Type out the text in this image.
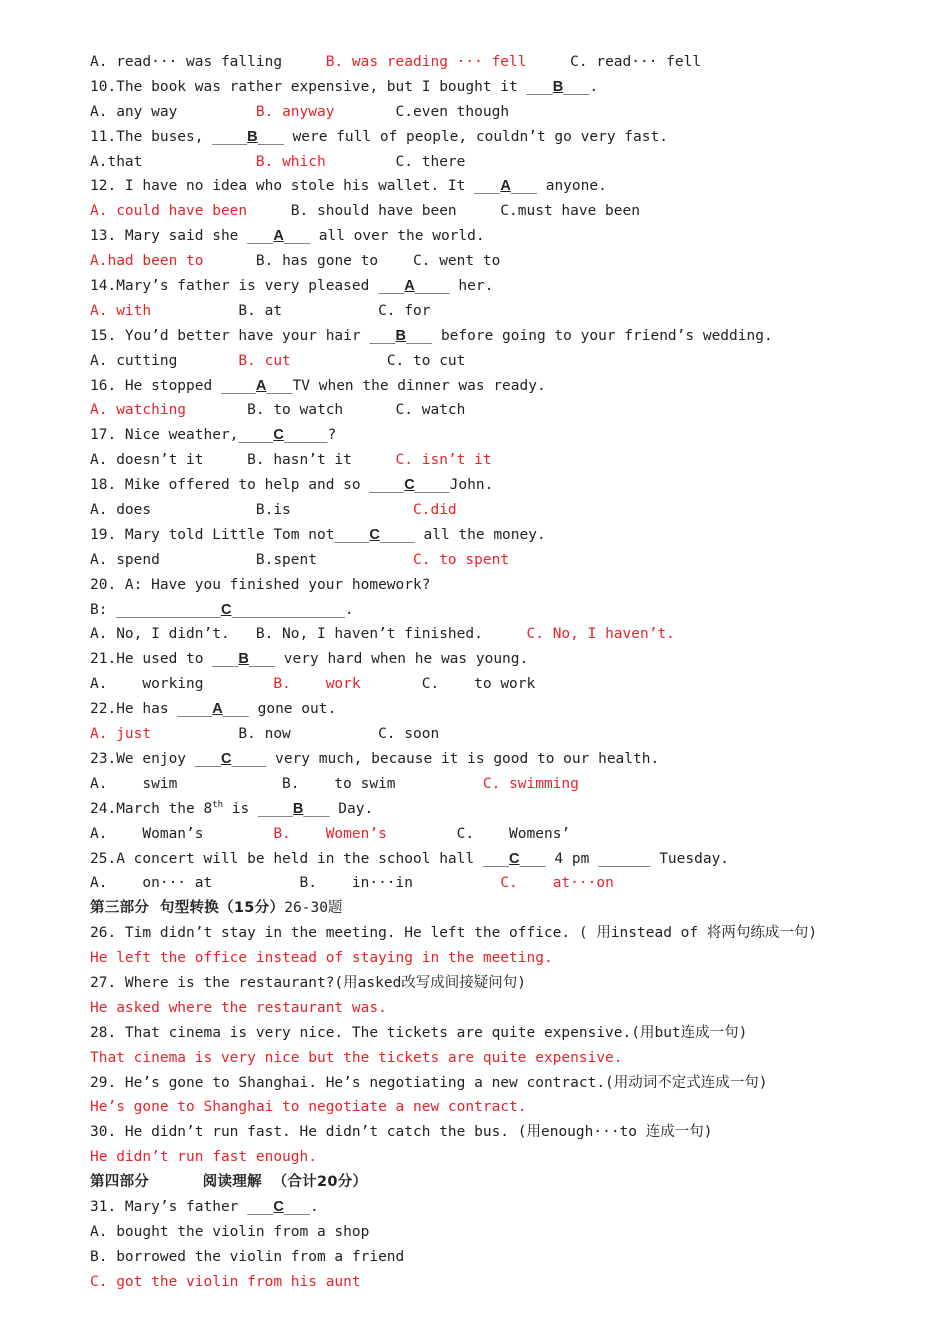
A. read··· was falling     B. was reading ··· fell     C. read··· fell
10.The book was rather expensive, but I bought it ___B___.
A. any way         B. anyway       C.even though
11.The buses, ____B___ were full of people, couldn’t go very fast.
A.that             B. which        C. there
12. I have no idea who stole his wallet. It ___A___ anyone.
A. could have been     B. should have been     C.must have been
13. Mary said she ___A___ all over the world.
A.had been to      B. has gone to    C. went to
14.Mary’s father is very pleased ___A____ her.
A. with          B. at           C. for
15. You’d better have your hair ___B___ before going to your friend’s wedding.
A. cutting       B. cut           C. to cut
16. He stopped ____A___TV when the dinner was ready.
A. watching       B. to watch      C. watch
17. Nice weather,____C_____?
A. doesn’t it     B. hasn’t it     C. isn’t it
18. Mike offered to help and so ____C____John.
A. does            B.is              C.did
19. Mary told Little Tom not____C____ all the money.
A. spend           B.spent           C. to spent
20. A: Have you finished your homework?
B: ____________C_____________.
A. No, I didn’t.   B. No, I haven’t finished.     C. No, I haven’t.
21.He used to ___B___ very hard when he was young.
A.    working        B.    work       C.    to work
22.He has ____A___ gone out.
A. just          B. now          C. soon
23.We enjoy ___C____ very much, because it is good to our health.
A.    swim            B.    to swim          C. swimming
24.March the 8th is ____B___ Day.
A.    Woman’s        B.    Women’s        C.    Womens’
25.A concert will be held in the school hall ___C___ 4 pm ______ Tuesday.
A.    on··· at          B.    in···in          C.    at···on
第三部分  句型转换（15分）26-30题
26. Tim didn’t stay in the meeting. He left the office. ( 用instead of 将两句练成一句)
He left the office instead of staying in the meeting.
27. Where is the restaurant?(用asked改写成间接疑问句)
He asked where the restaurant was.
28. That cinema is very nice. The tickets are quite expensive.(用but连成一句)
That cinema is very nice but the tickets are quite expensive.
29. He’s gone to Shanghai. He’s negotiating a new contract.(用动词不定式连成一句)
He’s gone to Shanghai to negotiate a new contract.
30. He didn’t run fast. He didn’t catch the bus. (用enough···to 连成一句)
He didn’t run fast enough.
第四部分          阅读理解  （合计20分）
31. Mary’s father ___C___.
A. bought the violin from a shop
B. borrowed the violin from a friend
C. got the violin from his aunt
